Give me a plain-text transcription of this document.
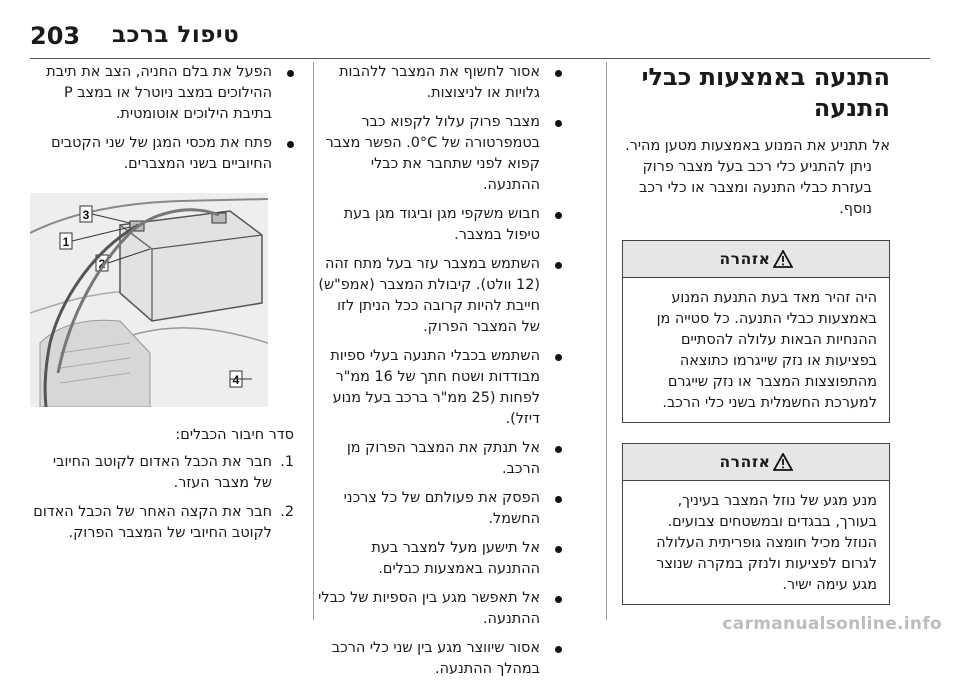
טיפול ברכב
203
התנעה באמצעות כבלי התנעה

אל תתניע את המנוע באמצעות מטען מהיר.

ניתן להתניע כלי רכב בעל מצבר פרוק בעזרת כבלי התנעה ומצבר או כלי רכב נוסף.

אזהרה
היה זהיר מאד בעת התנעת המנוע באמצעות כבלי התנעה. כל סטייה מן ההנחיות הבאות עלולה להסתיים בפציעות או נזק שייגרמו כתוצאה מהתפוצצות המצבר או נזק שייגרם למערכת החשמלית בשני כלי הרכב.
אזהרה
מנע מגע של נוזל המצבר בעיניך, בעורך, בבגדים ובמשטחים צבועים. הנוזל מכיל חומצה גופריתית העלולה לגרום לפציעות ולנזק במקרה שנוצר מגע עימה ישיר.
אסור לחשוף את המצבר ללהבות גלויות או לניצוצות.
מצבר פרוק עלול לקפוא כבר בטמפרטורה של 0°C. הפשר מצבר קפוא לפני שתחבר את כבלי ההתנעה.
חבוש משקפי מגן וביגוד מגן בעת טיפול במצבר.
השתמש במצבר עזר בעל מתח זהה (12 וולט). קיבולת המצבר (אמפ"ש) חייבת להיות קרובה ככל הניתן לזו של המצבר הפרוק.
השתמש בכבלי התנעה בעלי ספיות מבודדות ושטח חתך של 16 ממ"ר לפחות (25 ממ"ר ברכב בעל מנוע דיזל).
אל תנתק את המצבר הפרוק מן הרכב.
הפסק את פעולתם של כל צרכני החשמל.
אל תישען מעל למצבר בעת ההתנעה באמצעות כבלים.
אל תאפשר מגע בין הספיות של כבלי ההתנעה.
אסור שיווצר מגע בין שני כלי הרכב במהלך ההתנעה.
הפעל את בלם החניה, הצב את תיבת ההילוכים במצב ניוטרל או במצב P בתיבת הילוכים אוטומטית.
פתח את מכסי המגן של שני הקטבים החיוביים בשני המצברים.
3
1
2
4
סדר חיבור הכבלים:
1.
חבר את הכבל האדום לקוטב החיובי של מצבר העזר.
2.
חבר את הקצה האחר של הכבל האדום לקוטב החיובי של המצבר הפרוק.
carmanualsonline.info
